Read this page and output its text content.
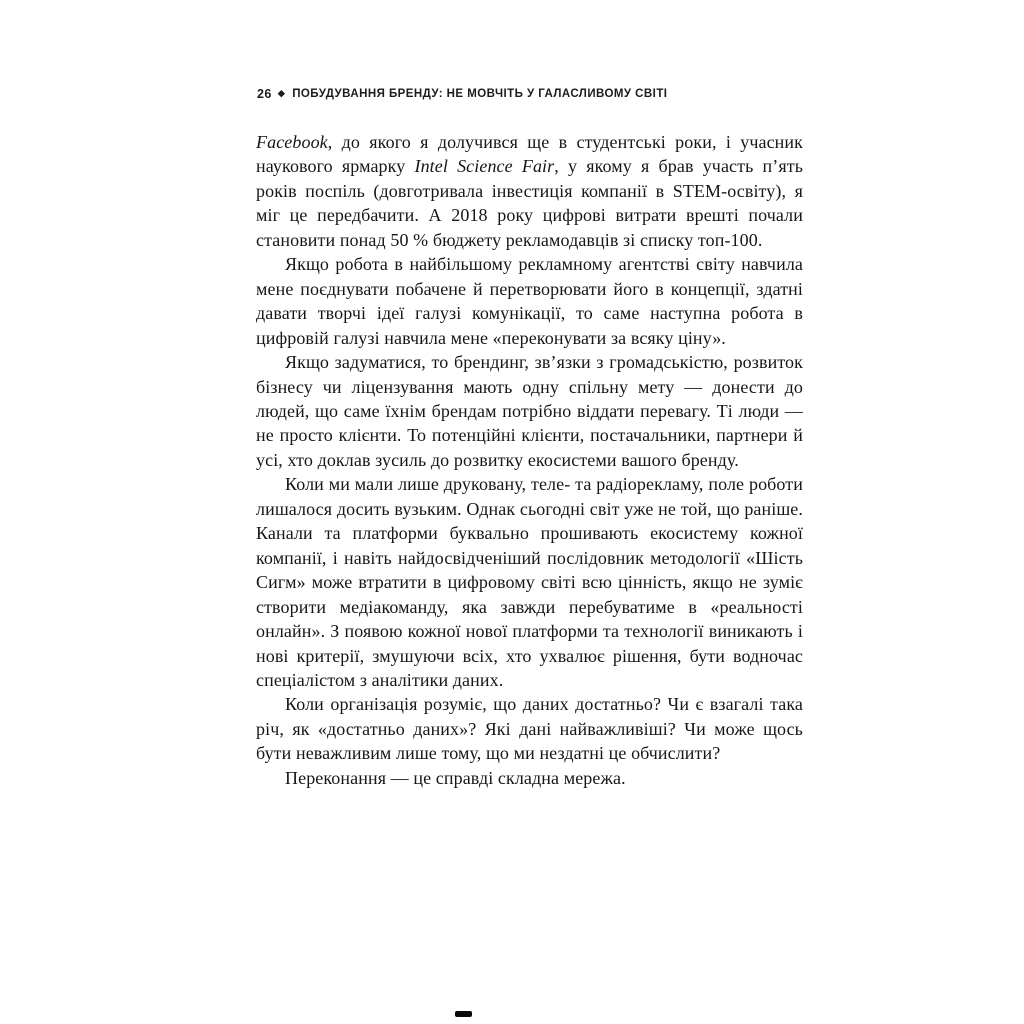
26 ◆ ПОБУДУВАННЯ БРЕНДУ: НЕ МОВЧІТЬ У ГАЛАСЛИВОМУ СВІТІ

Facebook, до якого я долучився ще в студентські роки, і учасник наукового ярмарку Intel Science Fair, у якому я брав участь п’ять років поспіль (довготривала інвестиція компанії в STEM-освіту), я міг це передбачити. А 2018 року цифрові витрати врешті почали становити понад 50 % бюджету рекламодавців зі списку топ-100.

Якщо робота в найбільшому рекламному агентстві світу навчила мене поєднувати побачене й перетворювати його в концепції, здатні давати творчі ідеї галузі комунікації, то саме наступна робота в цифровій галузі навчила мене «переконувати за всяку ціну».

Якщо задуматися, то брендинг, зв’язки з громадськістю, розвиток бізнесу чи ліцензування мають одну спільну мету — донести до людей, що саме їхнім брендам потрібно віддати перевагу. Ті люди — не просто клієнти. То потенційні клієнти, постачальники, партнери й усі, хто доклав зусиль до розвитку екосистеми вашого бренду.

Коли ми мали лише друковану, теле- та радіорекламу, поле роботи лишалося досить вузьким. Однак сьогодні світ уже не той, що раніше. Канали та платформи буквально прошивають екосистему кожної компанії, і навіть найдосвідченіший послідовник методології «Шість Сигм» може втратити в цифровому світі всю цінність, якщо не зуміє створити медіакоманду, яка завжди перебуватиме в «реальності онлайн». З появою кожної нової платформи та технології виникають і нові критерії, змушуючи всіх, хто ухвалює рішення, бути водночас спеціалістом з аналітики даних.

Коли організація розуміє, що даних достатньо? Чи є взагалі така річ, як «достатньо даних»? Які дані найважливіші? Чи може щось бути неважливим лише тому, що ми нездатні це обчислити?

Переконання — це справді складна мережа.
